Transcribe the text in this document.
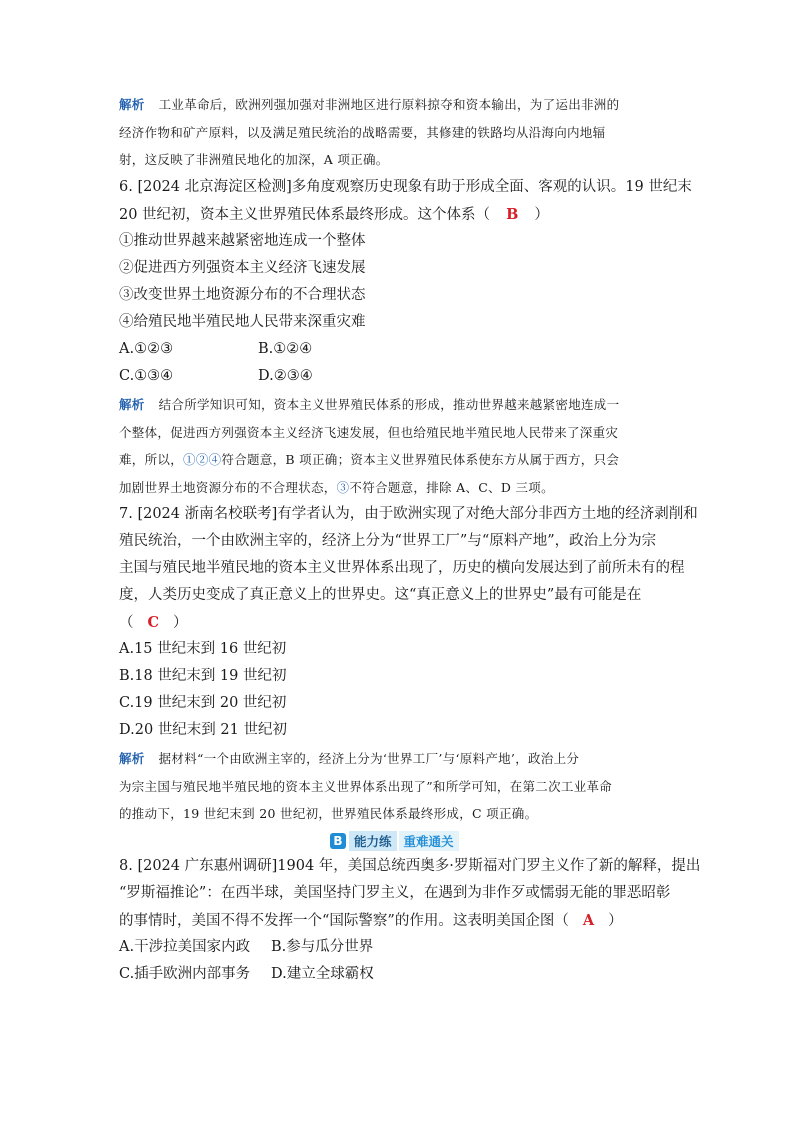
解析 工业革命后，欧洲列强加强对非洲地区进行原料掠夺和资本输出，为了运出非洲的
经济作物和矿产原料，以及满足殖民统治的战略需要，其修建的铁路均从沿海向内地辐
射，这反映了非洲殖民地化的加深，A 项正确。
6. [2024 北京海淀区检测]多角度观察历史现象有助于形成全面、客观的认识。19 世纪末
20 世纪初，资本主义世界殖民体系最终形成。这个体系（ B ）
①推动世界越来越紧密地连成一个整体
②促进西方列强资本主义经济飞速发展
③改变世界土地资源分布的不合理状态
④给殖民地半殖民地人民带来深重灾难
A.①②③	B.①②④
C.①③④	D.②③④
解析 结合所学知识可知，资本主义世界殖民体系的形成，推动世界越来越紧密地连成一
个整体，促进西方列强资本主义经济飞速发展，但也给殖民地半殖民地人民带来了深重灾
难，所以，①②④符合题意，B 项正确；资本主义世界殖民体系使东方从属于西方，只会
加剧世界土地资源分布的不合理状态，③不符合题意，排除 A、C、D 三项。
7. [2024 浙南名校联考]有学者认为，由于欧洲实现了对绝大部分非西方土地的经济剥削和
殖民统治，一个由欧洲主宰的，经济上分为“世界工厂”与“原料产地”，政治上分为宗
主国与殖民地半殖民地的资本主义世界体系出现了，历史的横向发展达到了前所未有的程
度，人类历史变成了真正意义上的世界史。这“真正意义上的世界史”最有可能是在
（ C ）
A.15 世纪末到 16 世纪初
B.18 世纪末到 19 世纪初
C.19 世纪末到 20 世纪初
D.20 世纪末到 21 世纪初
解析 据材料“一个由欧洲主宰的，经济上分为‘世界工厂’与‘原料产地’，政治上分
为宗主国与殖民地半殖民地的资本主义世界体系出现了”和所学可知，在第二次工业革命
的推动下，19 世纪末到 20 世纪初，世界殖民体系最终形成，C 项正确。
B 能力练 重难通关
8. [2024 广东惠州调研]1904 年，美国总统西奥多·罗斯福对门罗主义作了新的解释，提出
“罗斯福推论”：在西半球，美国坚持门罗主义，在遇到为非作歹或懦弱无能的罪恶昭彰
的事情时，美国不得不发挥一个“国际警察”的作用。这表明美国企图（ A ）
A.干涉拉美国家内政	B.参与瓜分世界
C.插手欧洲内部事务	D.建立全球霸权
